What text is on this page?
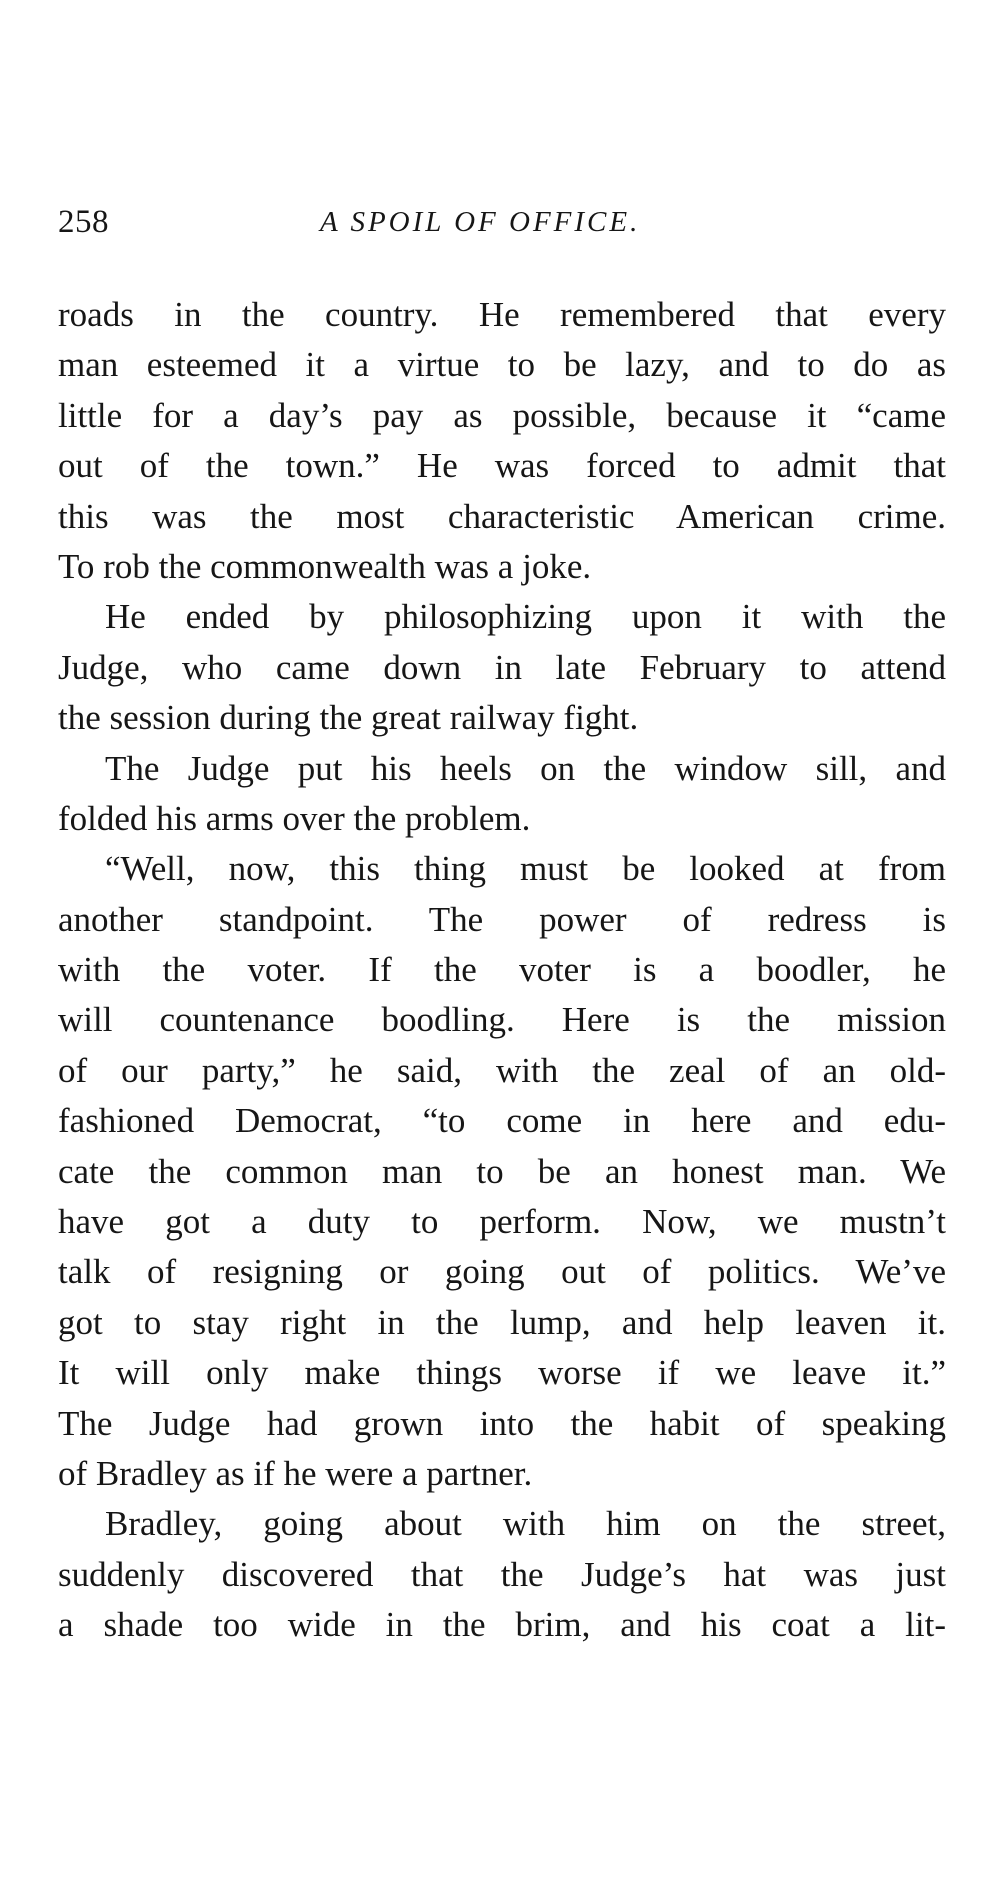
258	A SPOIL OF OFFICE.
roads in the country. He remembered that every
man esteemed it a virtue to be lazy, and to do as
little for a day’s pay as possible, because it “came
out of the town.” He was forced to admit that
this was the most characteristic American crime.
To rob the commonwealth was a joke.
He ended by philosophizing upon it with the
Judge, who came down in late February to attend
the session during the great railway fight.
The Judge put his heels on the window sill, and
folded his arms over the problem.
“Well, now, this thing must be looked at from
another standpoint. The power of redress is
with the voter. If the voter is a boodler, he
will countenance boodling. Here is the mission
of our party,” he said, with the zeal of an old-
fashioned Democrat, “to come in here and edu-
cate the common man to be an honest man. We
have got a duty to perform. Now, we mustn’t
talk of resigning or going out of politics. We’ve
got to stay right in the lump, and help leaven it.
It will only make things worse if we leave it.”
The Judge had grown into the habit of speaking
of Bradley as if he were a partner.
Bradley, going about with him on the street,
suddenly discovered that the Judge’s hat was just
a shade too wide in the brim, and his coat a lit-
